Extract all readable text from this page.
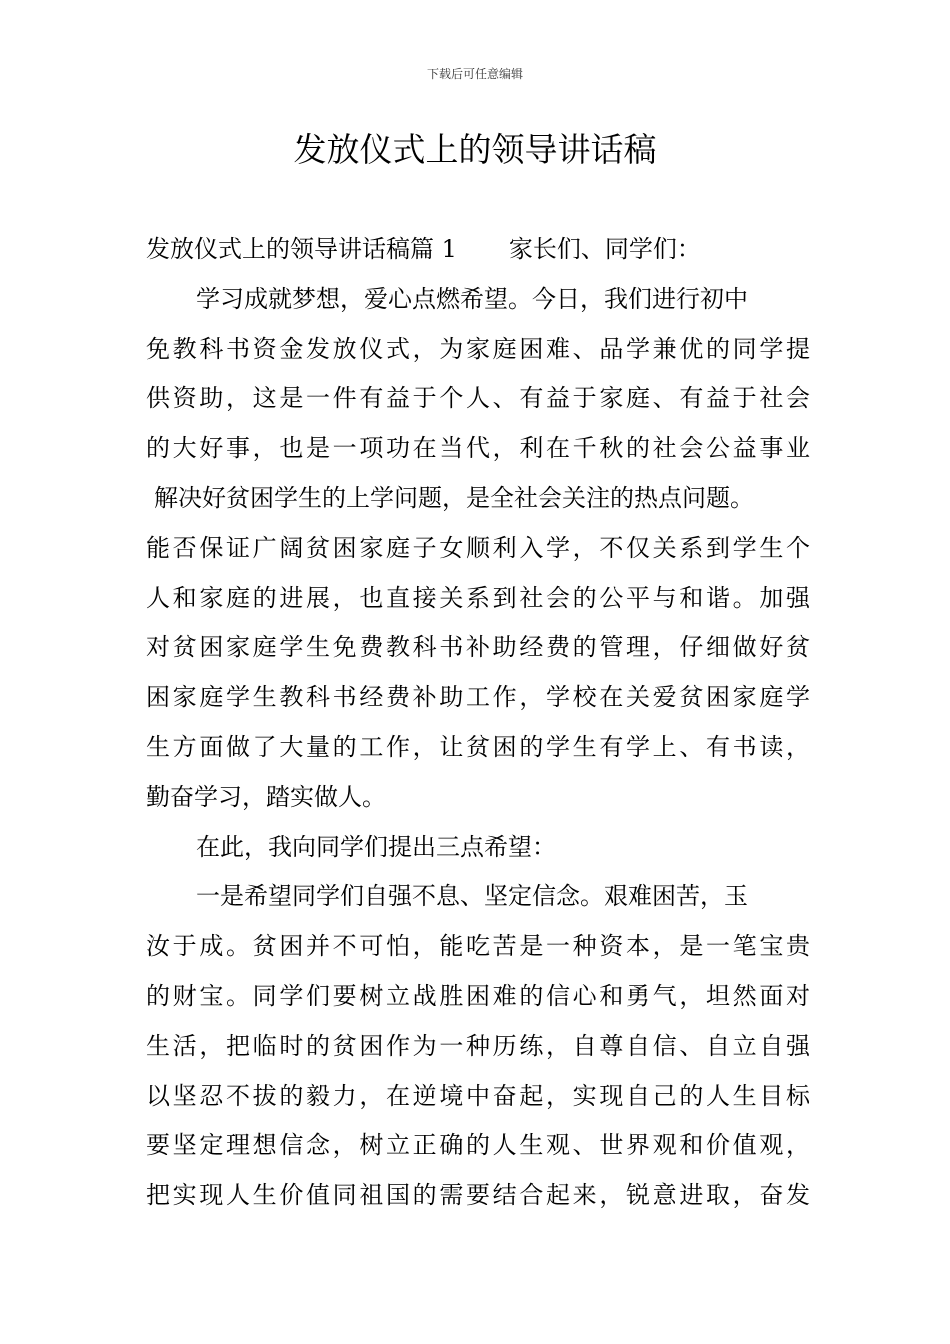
下载后可任意编辑
发放仪式上的领导讲话稿
发放仪式上的领导讲话稿篇 1 家长们、同学们：
学习成就梦想，爱心点燃希望。今日，我们进行初中
免教科书资金发放仪式，为家庭困难、品学兼优的同学提
供资助，这是一件有益于个人、有益于家庭、有益于社会
的大好事，也是一项功在当代，利在千秋的社会公益事业
解决好贫困学生的上学问题，是全社会关注的热点问题。
能否保证广阔贫困家庭子女顺利入学，不仅关系到学生个
人和家庭的进展，也直接关系到社会的公平与和谐。加强
对贫困家庭学生免费教科书补助经费的管理，仔细做好贫
困家庭学生教科书经费补助工作，学校在关爱贫困家庭学
生方面做了大量的工作，让贫困的学生有学上、有书读，
勤奋学习，踏实做人。
在此，我向同学们提出三点希望：
一是希望同学们自强不息、坚定信念。艰难困苦，玉
汝于成。贫困并不可怕，能吃苦是一种资本，是一笔宝贵
的财宝。同学们要树立战胜困难的信心和勇气，坦然面对
生活，把临时的贫困作为一种历练，自尊自信、自立自强
以坚忍不拔的毅力，在逆境中奋起，实现自己的人生目标
要坚定理想信念，树立正确的人生观、世界观和价值观，
把实现人生价值同祖国的需要结合起来，锐意进取，奋发
